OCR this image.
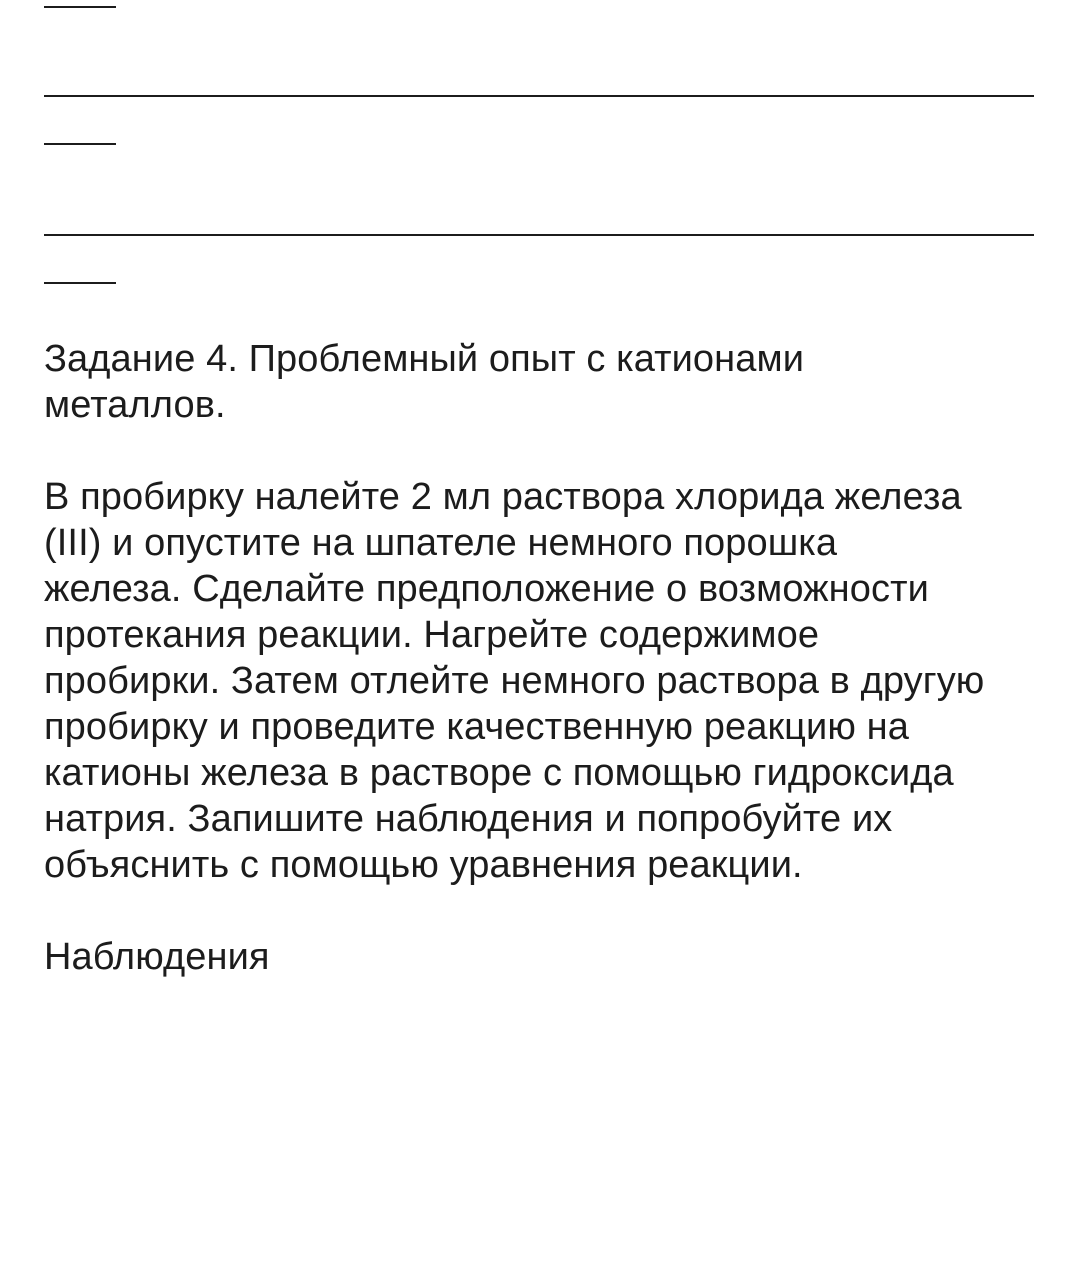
Задание 4. Проблемный опыт с катионами
металлов.

В пробирку налейте 2 мл раствора хлорида железа
(III) и опустите на шпателе немного порошка
железа. Сделайте предположение о возможности
протекания реакции. Нагрейте содержимое
пробирки. Затем отлейте немного раствора в другую
пробирку и проведите качественную реакцию на
катионы железа в растворе с помощью гидроксида
натрия. Запишите наблюдения и попробуйте их
объяснить с помощью уравнения реакции.

Наблюдения
